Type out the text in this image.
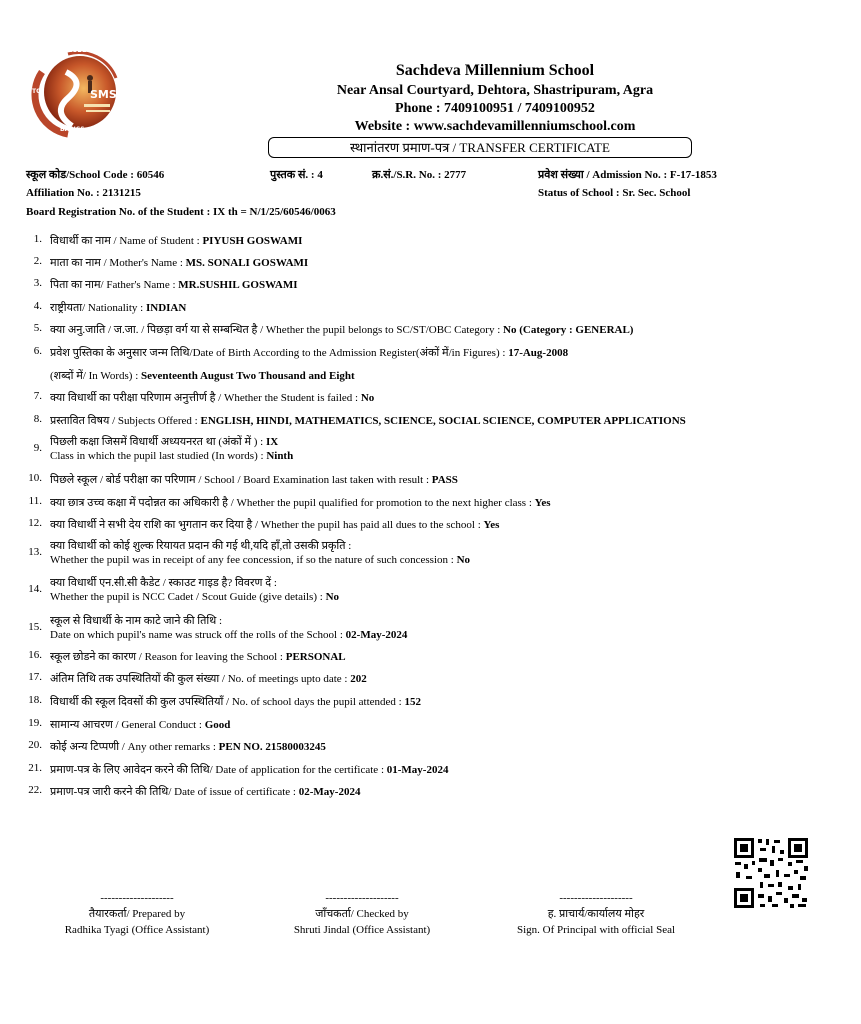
EXCEL
TO
BASICS
SMS
Sachdeva Millennium School
Near Ansal Courtyard, Dehtora, Shastripuram, Agra
Phone : 7409100951 / 7409100952
Website : www.sachdevamillenniumschool.com
स्थानांतरण प्रमाण-पत्र / TRANSFER CERTIFICATE
स्कूल कोड/School Code : 60546	पुस्तक सं. : 4	क्र.सं./S.R. No. : 2777	प्रवेश संख्या / Admission No. : F-17-1853
Affiliation No. : 2131215	Status of School : Sr. Sec. School
Board Registration No. of the Student : IX th = N/1/25/60546/0063
1. विधार्थी का नाम / Name of Student : PIYUSH GOSWAMI
2. माता का नाम / Mother's Name : MS. SONALI GOSWAMI
3. पिता का नाम/ Father's Name : MR.SUSHIL GOSWAMI
4. राष्ट्रीयता/ Nationality : INDIAN
5. क्या अनु.जाति / ज.जा. / पिछड़ा वर्ग या से सम्बन्धित है / Whether the pupil belongs to SC/ST/OBC Category : No (Category : GENERAL)
6. प्रवेश पुस्तिका के अनुसार जन्म तिथि/Date of Birth According to the Admission Register(अंकों में/in Figures) : 17-Aug-2008
(शब्दों में/ In Words) : Seventeenth August Two Thousand and Eight
7. क्या विधार्थी का परीक्षा परिणाम अनुत्तीर्ण है / Whether the Student is failed : No
8. प्रस्तावित विषय / Subjects Offered : ENGLISH, HINDI, MATHEMATICS, SCIENCE, SOCIAL SCIENCE, COMPUTER APPLICATIONS
9. पिछली कक्षा जिसमें विधार्थी अध्ययनरत था (अंकों में ) : IX
Class in which the pupil last studied (In words) : Ninth
10. पिछले स्कूल / बोर्ड परीक्षा का परिणाम / School / Board Examination last taken with result : PASS
11. क्या छात्र उच्च कक्षा में पदोन्नत का अधिकारी है / Whether the pupil qualified for promotion to the next higher class : Yes
12. क्या विधार्थी ने सभी देय राशि का भुगतान कर दिया है / Whether the pupil has paid all dues to the school : Yes
13. क्या विधार्थी को कोई शुल्क रियायत प्रदान की गई थी,यदि हाँ,तो उसकी प्रकृति :
Whether the pupil was in receipt of any fee concession, if so the nature of such concession : No
14. क्या विधार्थी एन.सी.सी कैडेट / स्काउट गाइड है? विवरण दें :
Whether the pupil is NCC Cadet / Scout Guide (give details) : No
15. स्कूल से विधार्थी के नाम काटे जाने की तिथि :
Date on which pupil's name was struck off the rolls of the School : 02-May-2024
16. स्कूल छोडने का कारण / Reason for leaving the School : PERSONAL
17. अंतिम तिथि तक उपस्थितियों की कुल संख्या / No. of meetings upto date : 202
18. विधार्थी की स्कूल दिवसों की कुल उपस्थितियाँ / No. of school days the pupil attended : 152
19. सामान्य आचरण / General Conduct : Good
20. कोई अन्य टिप्पणी / Any other remarks : PEN NO. 21580003245
21. प्रमाण-पत्र के लिए आवेदन करने की तिथि/ Date of application for the certificate : 01-May-2024
22. प्रमाण-पत्र जारी करने की तिथि/ Date of issue of certificate : 02-May-2024
--------------------
तैयारकर्ता/ Prepared by
Radhika Tyagi (Office Assistant)
--------------------
जाँचकर्ता/ Checked by
Shruti Jindal (Office Assistant)
--------------------
ह. प्राचार्य/कार्यालय मोहर
Sign. Of Principal with official Seal
